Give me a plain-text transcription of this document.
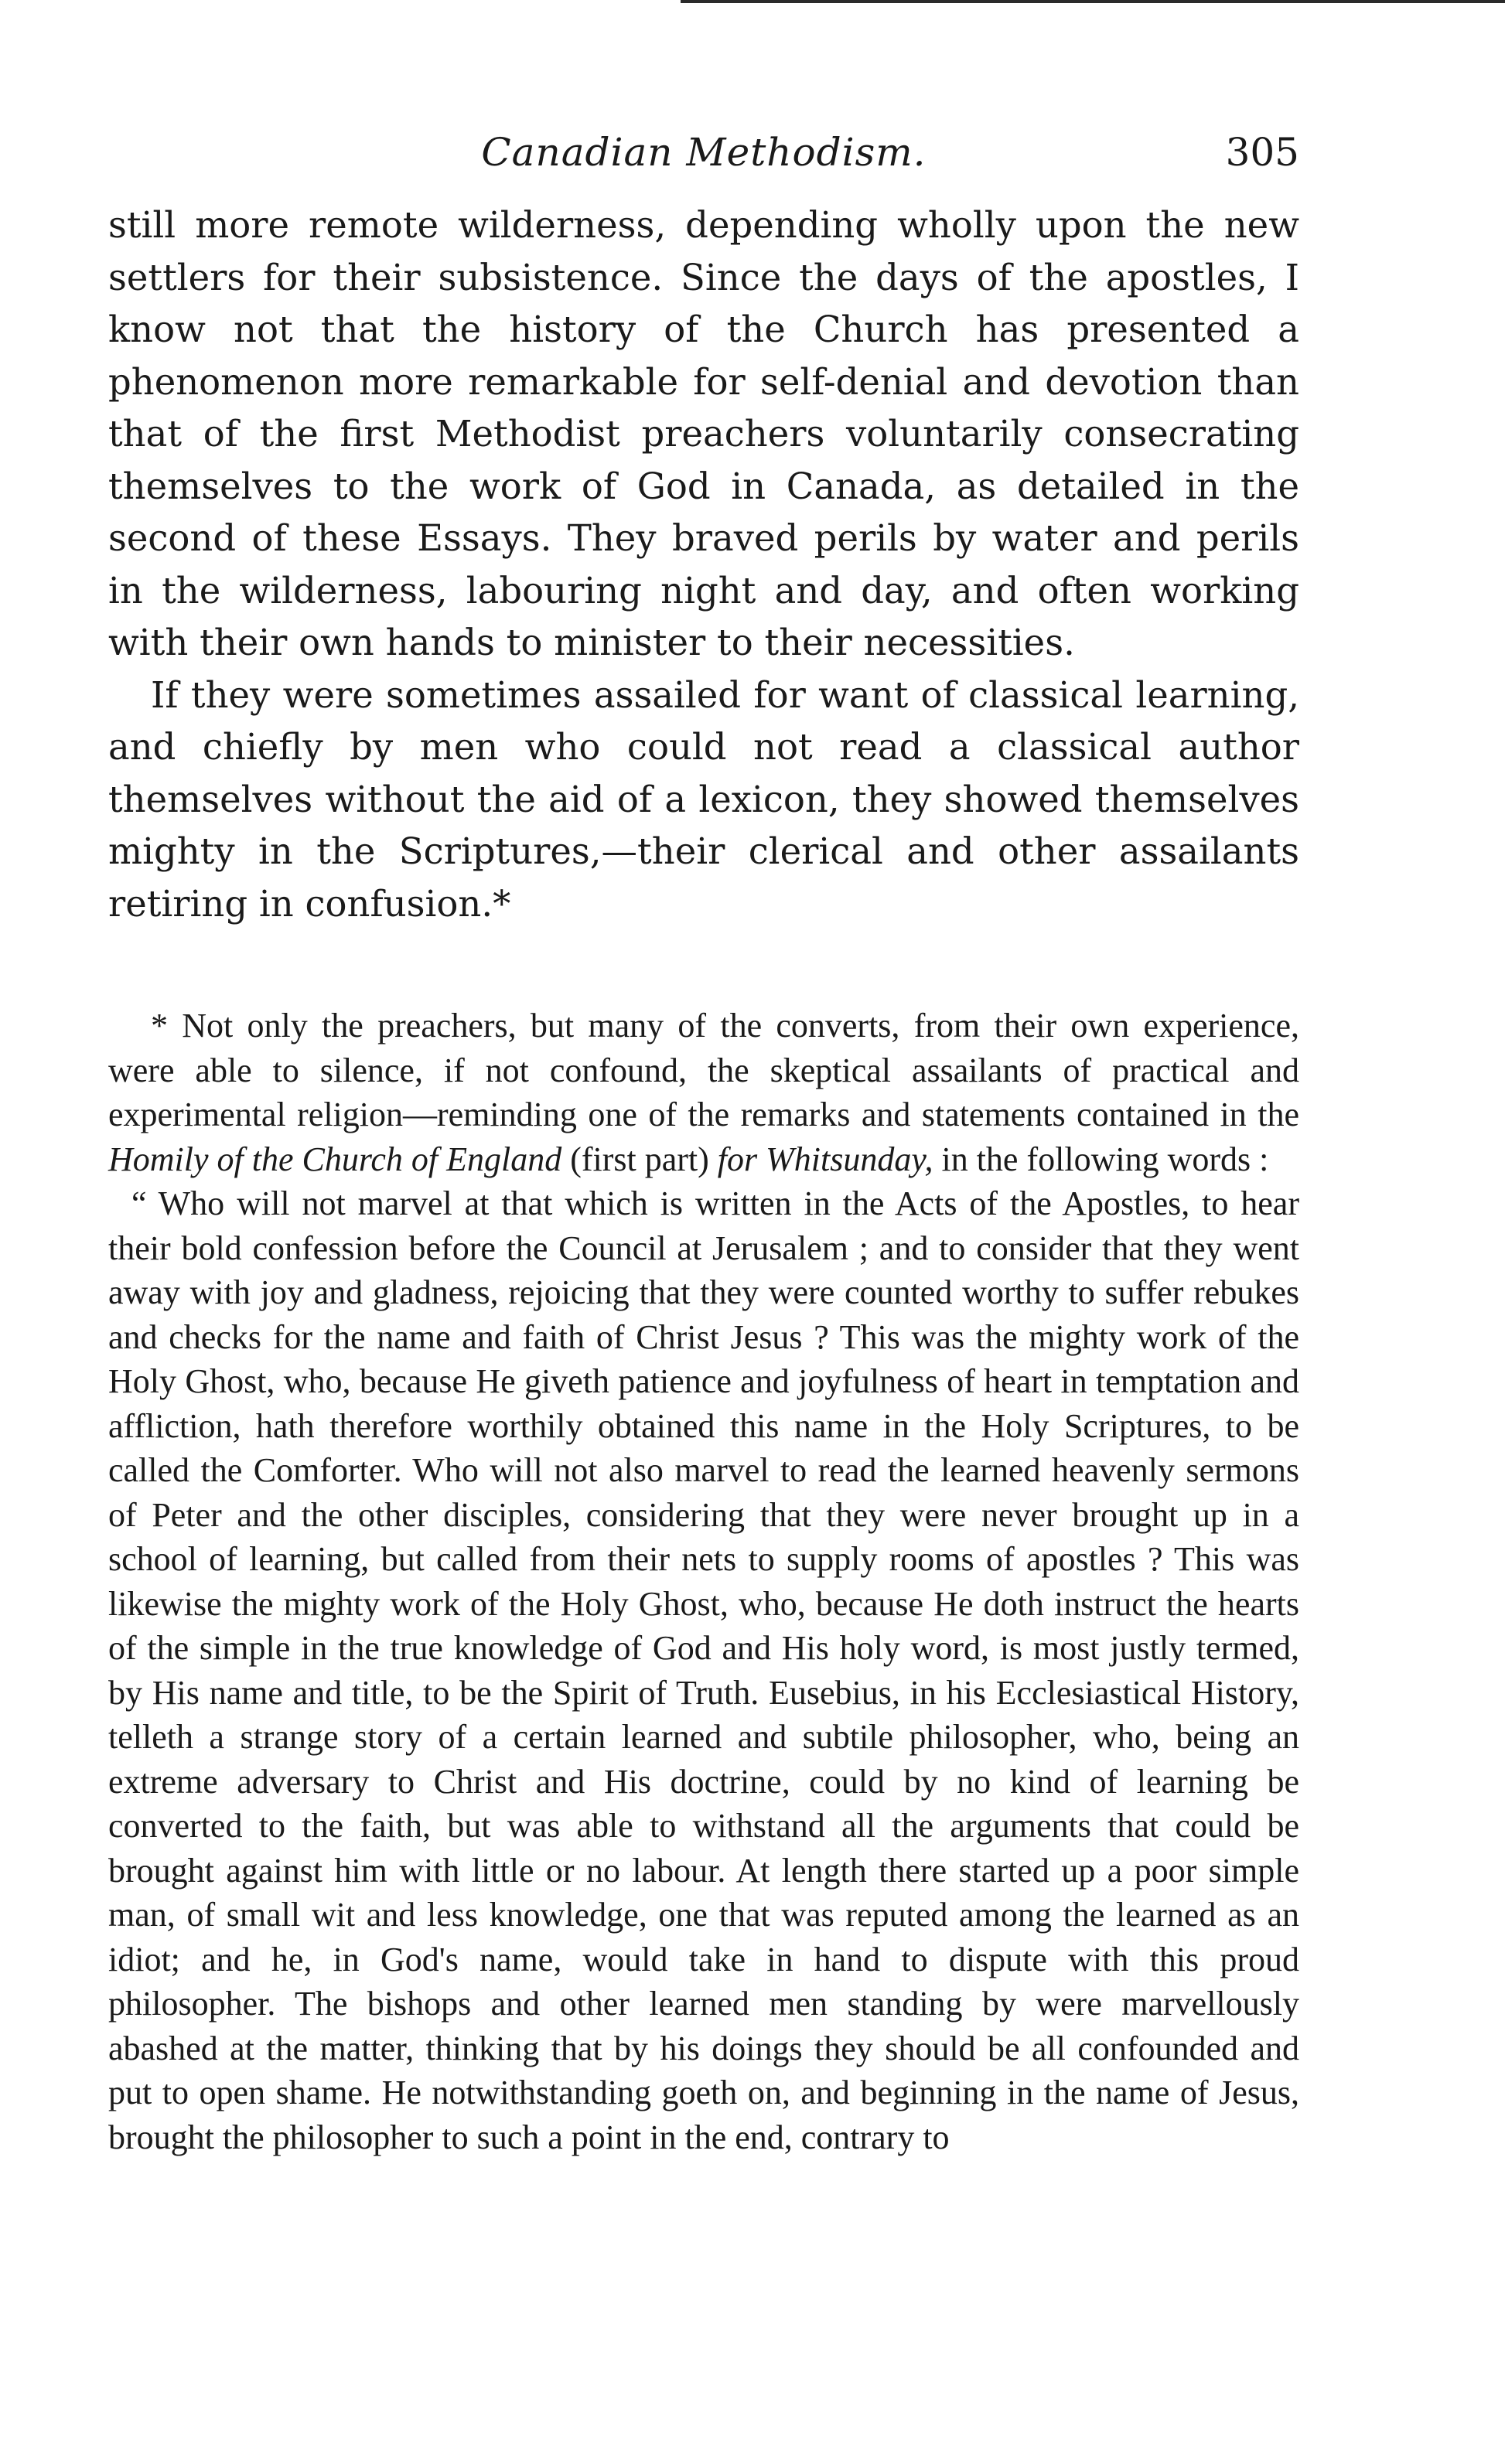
Canadian Methodism.	305

still more remote wilderness, depending wholly upon the new settlers for their subsistence. Since the days of the apostles, I know not that the history of the Church has presented a phenomenon more remarkable for self-denial and devotion than that of the first Methodist preachers voluntarily consecrating themselves to the work of God in Canada, as detailed in the second of these Essays. They braved perils by water and perils in the wilderness, labouring night and day, and often working with their own hands to minister to their necessities.

If they were sometimes assailed for want of classical learning, and chiefly by men who could not read a classical author themselves without the aid of a lexicon, they showed themselves mighty in the Scriptures,—their clerical and other assailants retiring in confusion.*

* Not only the preachers, but many of the converts, from their own experience, were able to silence, if not confound, the skeptical assailants of practical and experimental religion—reminding one of the remarks and statements contained in the Homily of the Church of England (first part) for Whitsunday, in the following words :

“ Who will not marvel at that which is written in the Acts of the Apostles, to hear their bold confession before the Council at Jerusalem ; and to consider that they went away with joy and gladness, rejoicing that they were counted worthy to suffer rebukes and checks for the name and faith of Christ Jesus ? This was the mighty work of the Holy Ghost, who, because He giveth patience and joyfulness of heart in temptation and affliction, hath therefore worthily obtained this name in the Holy Scriptures, to be called the Comforter. Who will not also marvel to read the learned heavenly sermons of Peter and the other disciples, considering that they were never brought up in a school of learning, but called from their nets to supply rooms of apostles ? This was likewise the mighty work of the Holy Ghost, who, because He doth instruct the hearts of the simple in the true knowledge of God and His holy word, is most justly termed, by His name and title, to be the Spirit of Truth. Eusebius, in his Ecclesiastical History, telleth a strange story of a certain learned and subtile philosopher, who, being an extreme adversary to Christ and His doctrine, could by no kind of learning be converted to the faith, but was able to withstand all the arguments that could be brought against him with little or no labour. At length there started up a poor simple man, of small wit and less knowledge, one that was reputed among the learned as an idiot; and he, in God's name, would take in hand to dispute with this proud philosopher. The bishops and other learned men standing by were marvellously abashed at the matter, thinking that by his doings they should be all confounded and put to open shame. He notwithstanding goeth on, and beginning in the name of Jesus, brought the philosopher to such a point in the end, contrary to
